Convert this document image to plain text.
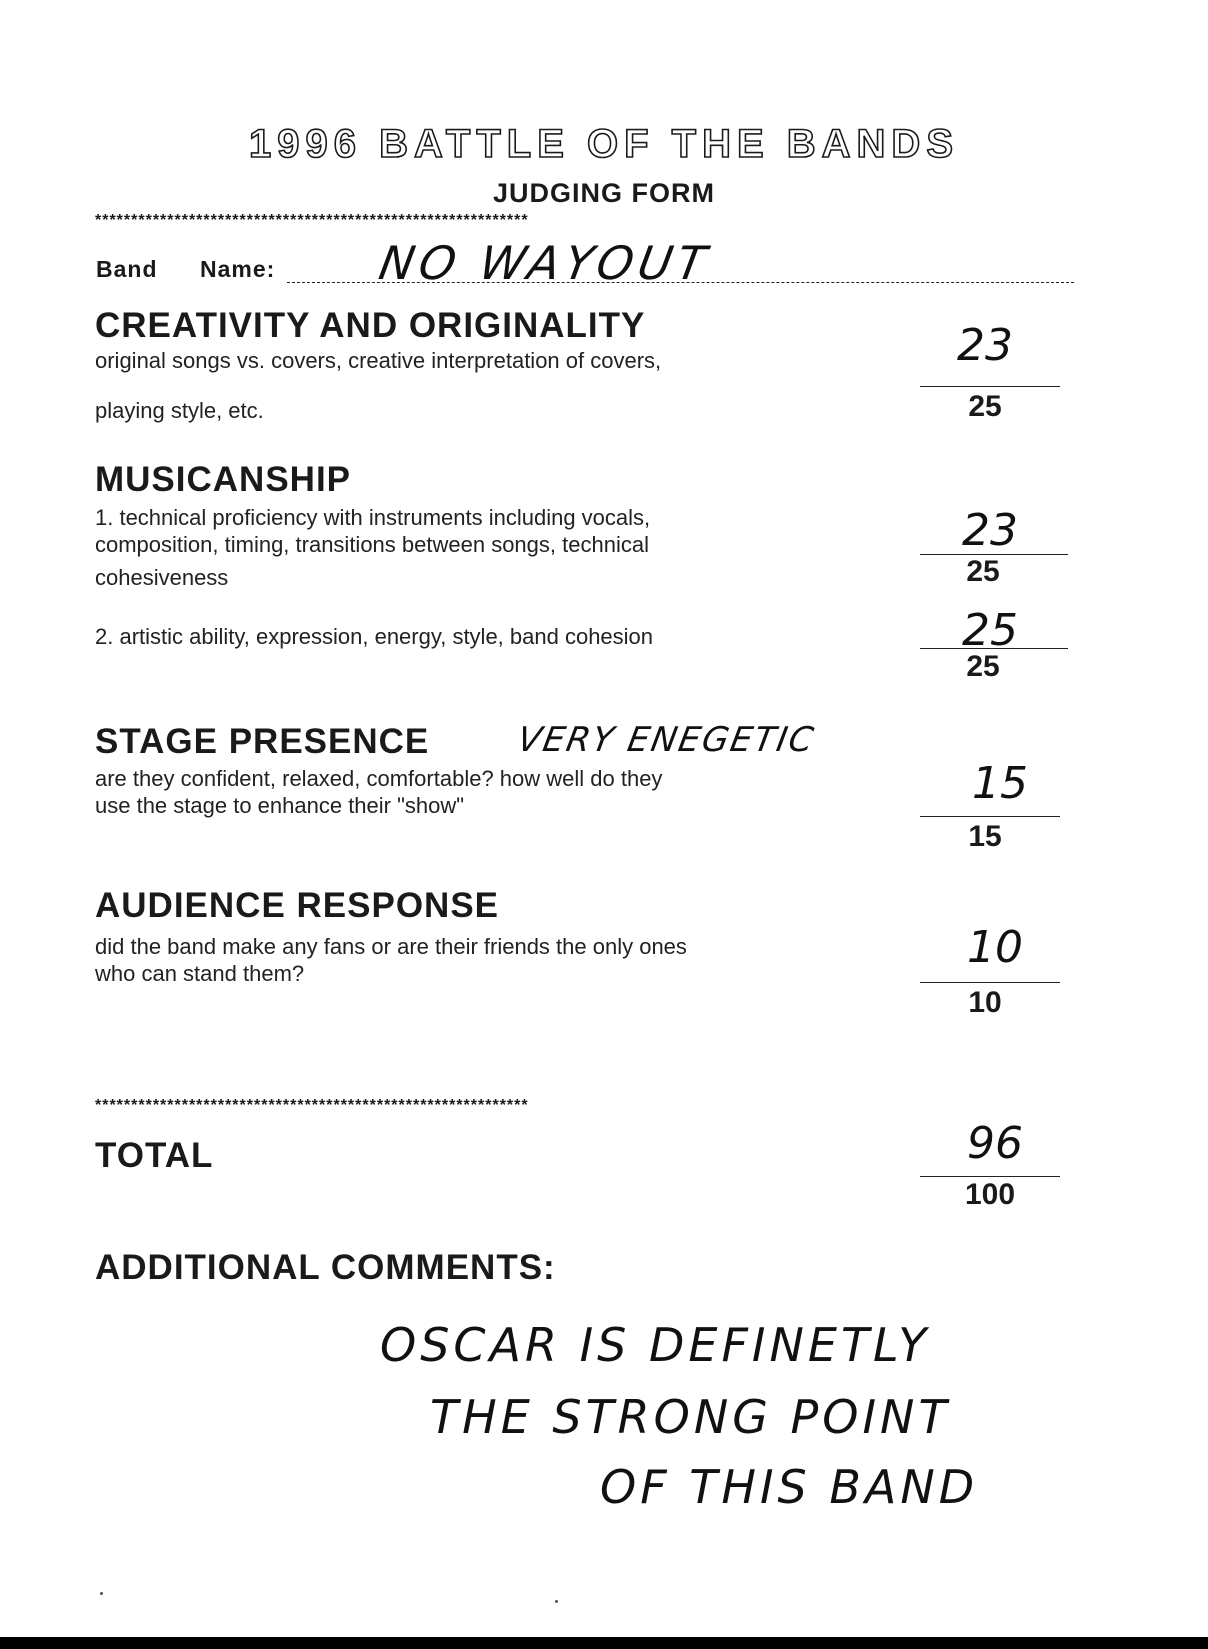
1996 BATTLE OF THE BANDS
JUDGING FORM
************************************************************
Band Name: NO WAYOUT
CREATIVITY AND ORIGINALITY
original songs vs. covers, creative interpretation of covers,
playing style, etc.
23
25
MUSICANSHIP
1. technical proficiency with instruments including vocals,
composition, timing, transitions between songs, technical
cohesiveness
23
25
2. artistic ability, expression, energy, style, band cohesion	25
25
STAGE PRESENCE	VERY ENEGETIC
are they confident, relaxed, comfortable? how well do they
use the stage to enhance their "show"	15
15
AUDIENCE RESPONSE
did the band make any fans or are their friends the only ones
who can stand them?
10
10
************************************************************
TOTAL	96
100
ADDITIONAL COMMENTS:
OSCAR IS DEFINETLY
THE STRONG POINT
OF THIS BAND
